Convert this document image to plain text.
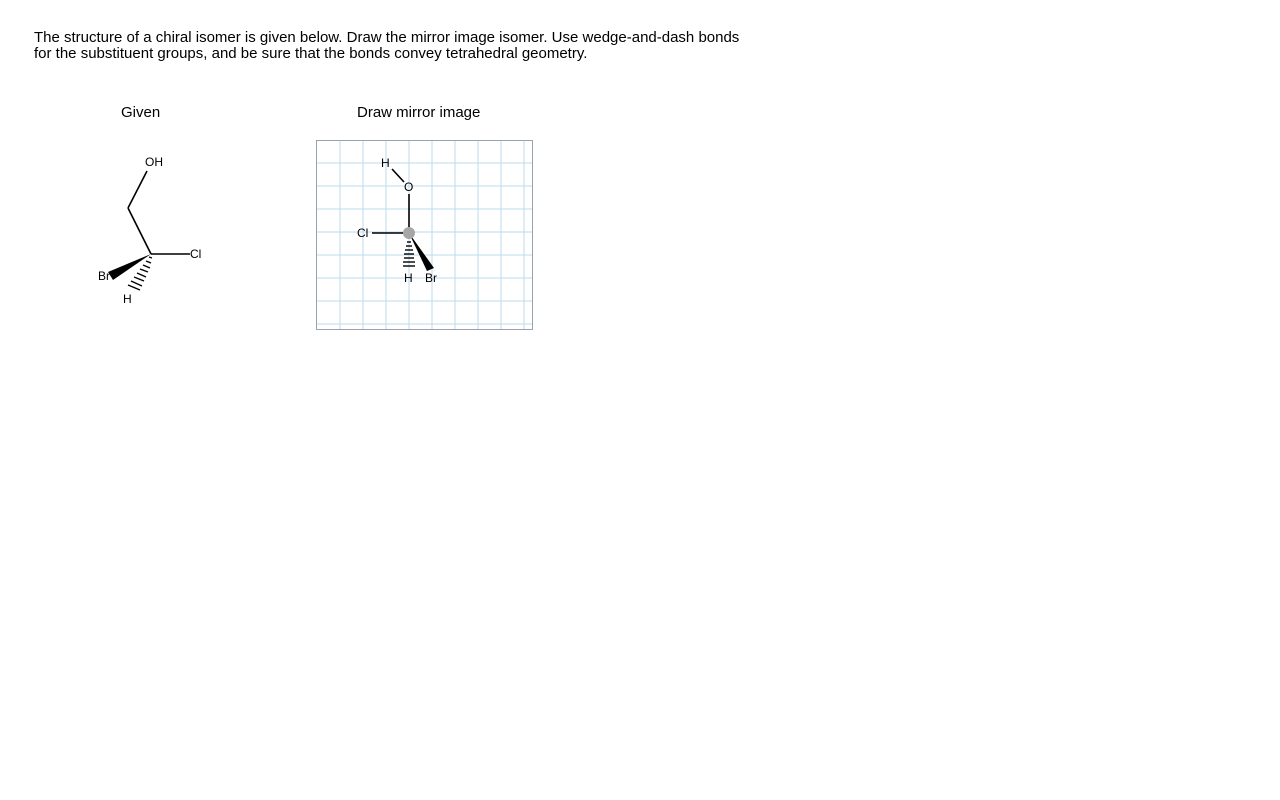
The structure of a chiral isomer is given below. Draw the mirror image isomer. Use wedge-and-dash bonds

for the substituent groups, and be sure that the bonds convey tetrahedral geometry.

Given	Draw mirror image
OH
Cl
Br
H
H
O
Cl
H Br
